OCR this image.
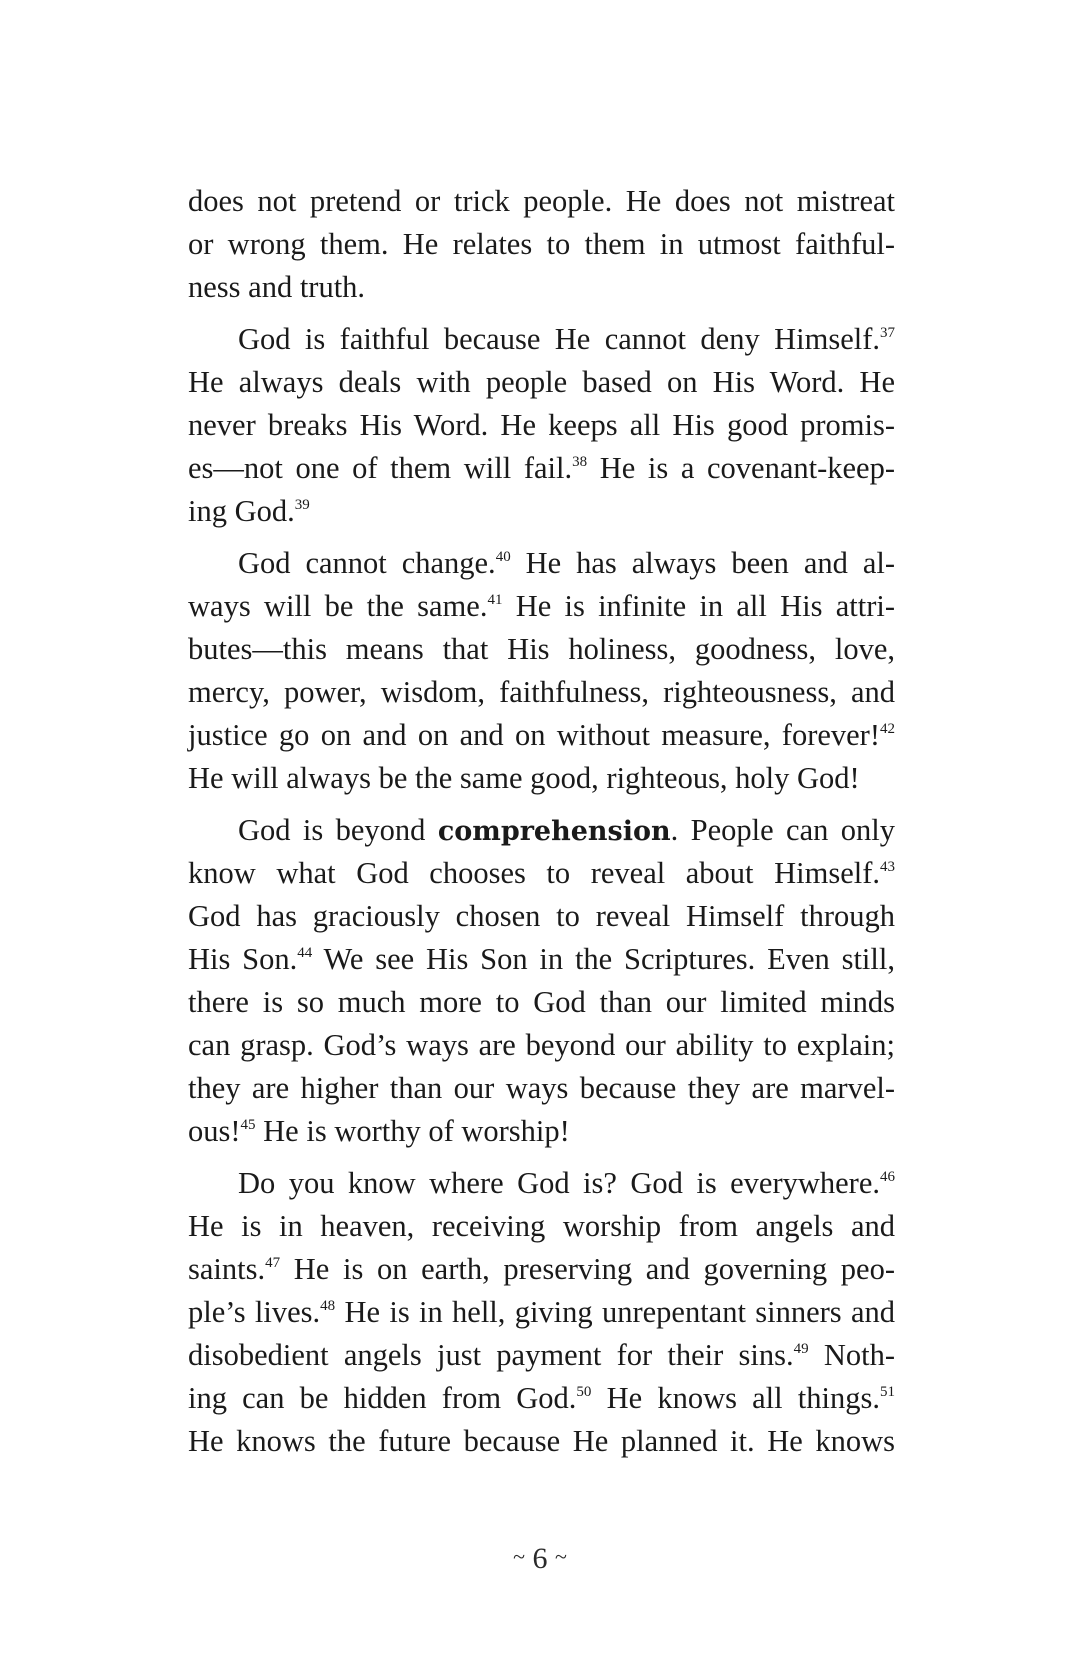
does not pretend or trick people. He does not mistreat
or wrong them. He relates to them in utmost faithful-
ness and truth.
God is faithful because He cannot deny Himself.$^{37}$
He always deals with people based on His Word. He
never breaks His Word. He keeps all His good promis-
es—not one of them will fail.$^{38}$ He is a covenant-keep-
ing God.$^{39}$
God cannot change.$^{40}$ He has always been and al-
ways will be the same.$^{41}$ He is infinite in all His attri-
butes—this means that His holiness, goodness, love,
mercy, power, wisdom, faithfulness, righteousness, and
justice go on and on and on without measure, forever!$^{42}$
He will always be the same good, righteous, holy God!
God is beyond comprehension. People can only
know what God chooses to reveal about Himself.$^{43}$
God has graciously chosen to reveal Himself through
His Son.$^{44}$ We see His Son in the Scriptures. Even still,
there is so much more to God than our limited minds
can grasp. God’s ways are beyond our ability to explain;
they are higher than our ways because they are marvel-
ous!$^{45}$ He is worthy of worship!
Do you know where God is? God is everywhere.$^{46}$
He is in heaven, receiving worship from angels and
saints.$^{47}$ He is on earth, preserving and governing peo-
ple’s lives.$^{48}$ He is in hell, giving unrepentant sinners and
disobedient angels just payment for their sins.$^{49}$ Noth-
ing can be hidden from God.$^{50}$ He knows all things.$^{51}$
He knows the future because He planned it. He knows
~ 6 ~
